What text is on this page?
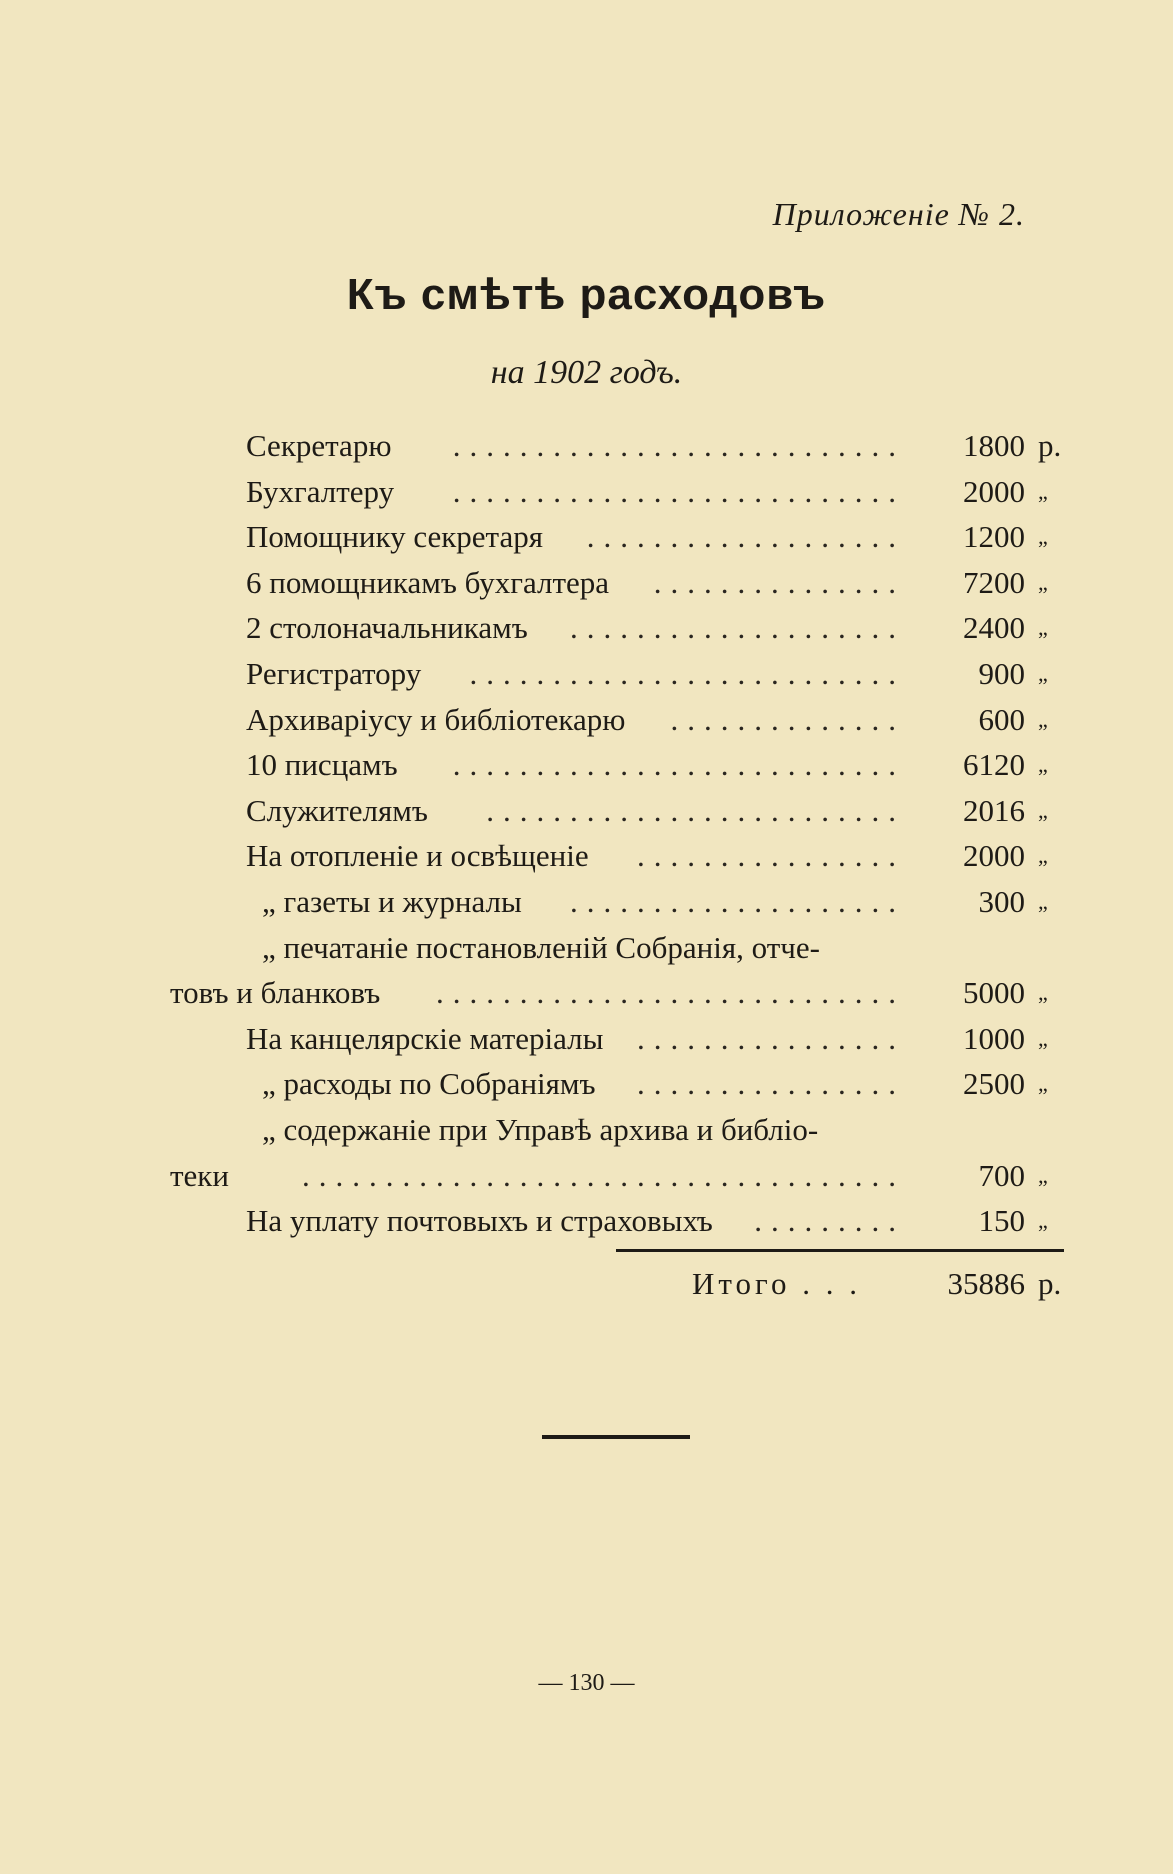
Приложеніе № 2.
Къ смѣтѣ расходовъ
на 1902 годъ.
Секретарю	...........................	1800 р.
Бухгалтеру	...........................	2000 „
Помощнику секретаря	...................	1200 „
6 помощникамъ бухгалтера	...............	7200 „
2 столоначальникамъ	....................	2400 „
Регистратору	..........................	900 „
Архиваріусу и библіотекарю	..............	600 „
10 писцамъ	...........................	6120 „
Служителямъ	.........................	2016 „
На отопленіе и освѣщеніе	................	2000 „
„ газеты и журналы	....................	300 „
„ печатаніе постановленій Собранія, отче-
товъ и бланковъ	............................	5000 „
На канцелярскіе матеріалы	................	1000 „
„ расходы по Собраніямъ	................	2500 „
„ содержаніе при Управѣ архива и библіо-
теки	....................................	700 „
На уплату почтовыхъ и страховыхъ	.........	150 „
Итого . . .	35886 р.
— 130 —
